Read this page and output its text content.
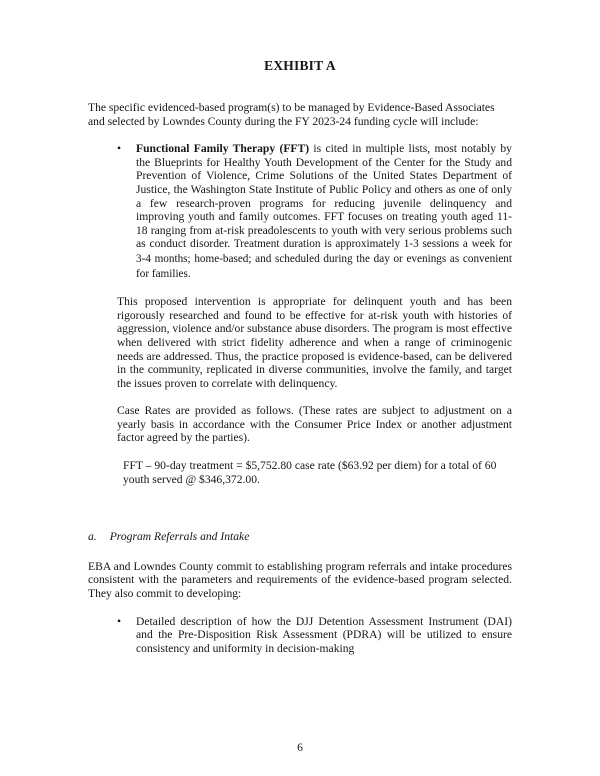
EXHIBIT A

The specific evidenced-based program(s) to be managed by Evidence-Based Associates and selected by Lowndes County during the FY 2023-24 funding cycle will include:

•	Functional Family Therapy (FFT) is cited in multiple lists, most notably by the Blueprints for Healthy Youth Development of the Center for the Study and Prevention of Violence, Crime Solutions of the United States Department of Justice, the Washington State Institute of Public Policy and others as one of only a few research-proven programs for reducing juvenile delinquency and improving youth and family outcomes. FFT focuses on treating youth aged 11-18 ranging from at-risk preadolescents to youth with very serious problems such as conduct disorder. Treatment duration is approximately 1-3 sessions a week for 3-4 months; home-based; and scheduled during the day or evenings as convenient for families.

This proposed intervention is appropriate for delinquent youth and has been rigorously researched and found to be effective for at-risk youth with histories of aggression, violence and/or substance abuse disorders. The program is most effective when delivered with strict fidelity adherence and when a range of criminogenic needs are addressed. Thus, the practice proposed is evidence-based, can be delivered in the community, replicated in diverse communities, involve the family, and target the issues proven to correlate with delinquency.

Case Rates are provided as follows. (These rates are subject to adjustment on a yearly basis in accordance with the Consumer Price Index or another adjustment factor agreed by the parties).

FFT – 90-day treatment = $5,752.80 case rate ($63.92 per diem) for a total of 60 youth served @ $346,372.00.

a. Program Referrals and Intake

EBA and Lowndes County commit to establishing program referrals and intake procedures consistent with the parameters and requirements of the evidence-based program selected. They also commit to developing:

•	Detailed description of how the DJJ Detention Assessment Instrument (DAI) and the Pre-Disposition Risk Assessment (PDRA) will be utilized to ensure consistency and uniformity in decision-making

6
